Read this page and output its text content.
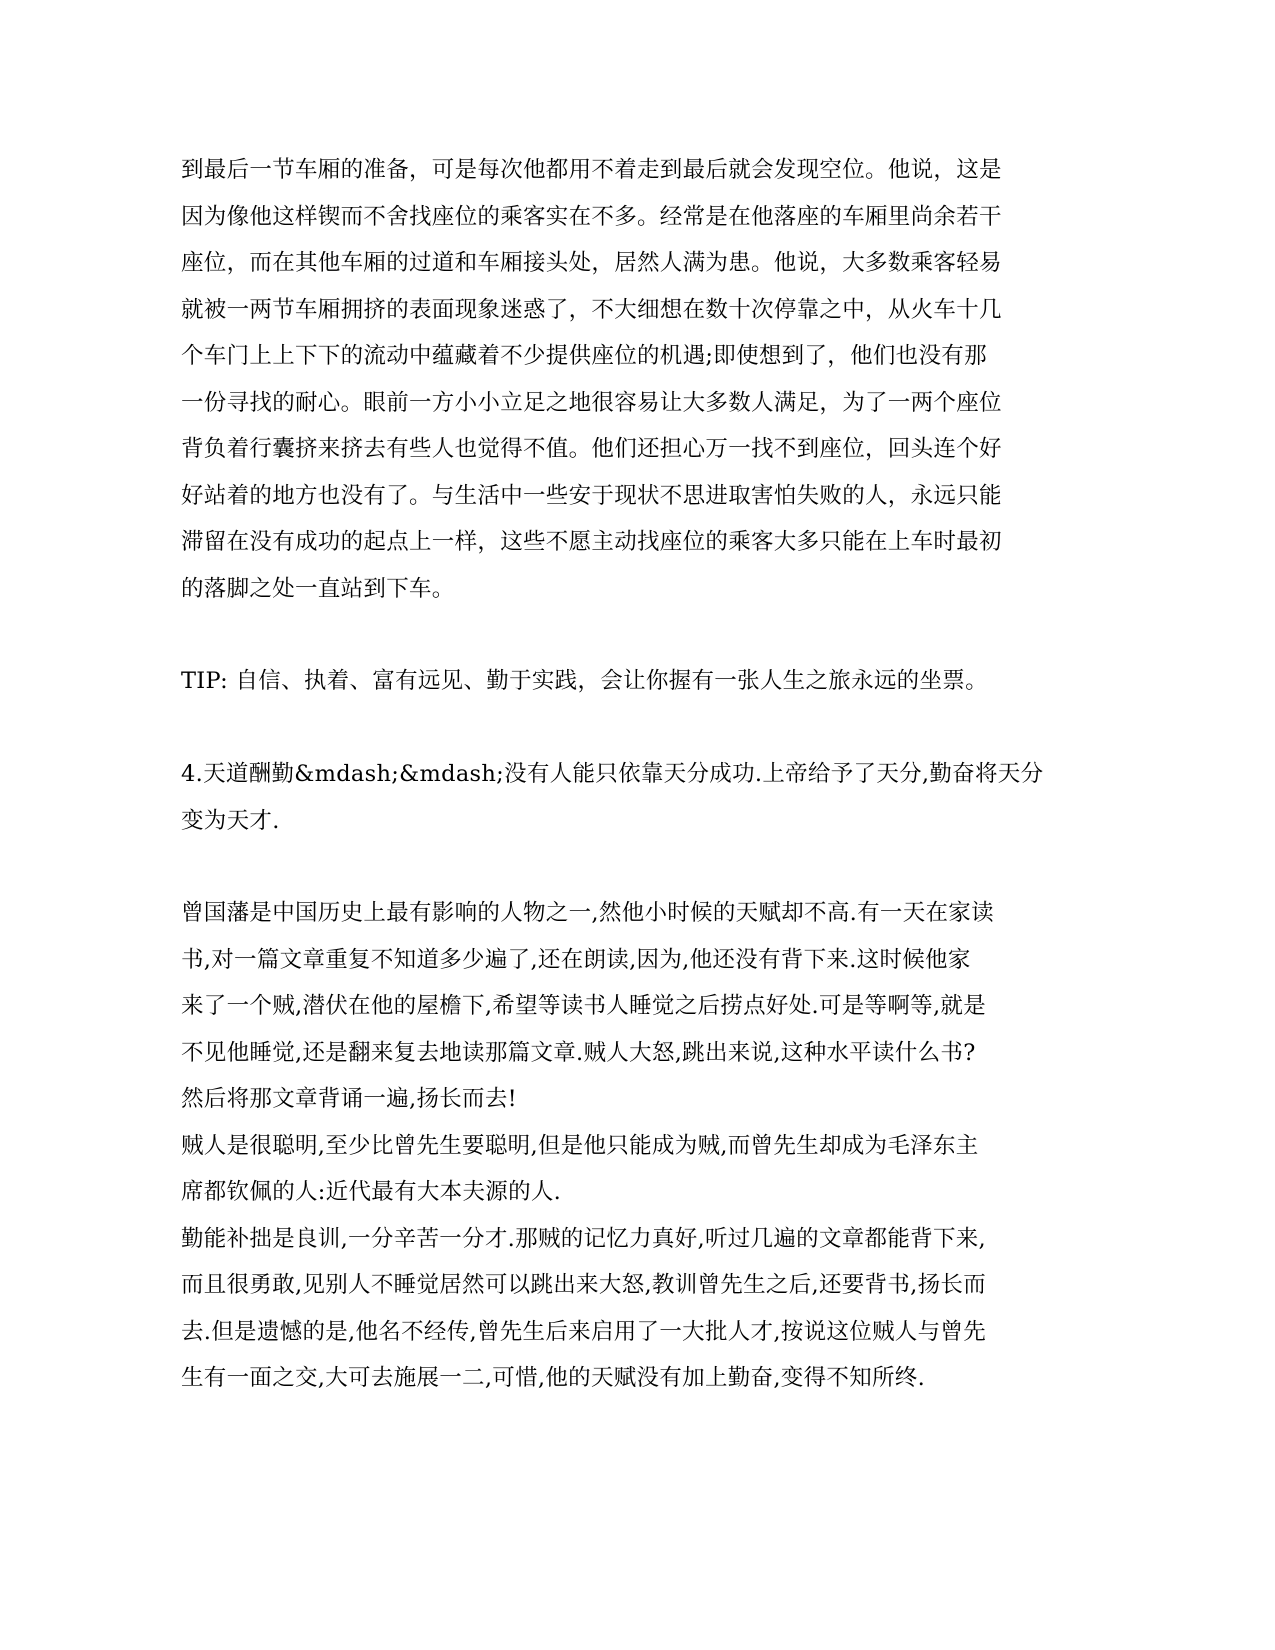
到最后一节车厢的准备，可是每次他都用不着走到最后就会发现空位。他说，这是
因为像他这样锲而不舍找座位的乘客实在不多。经常是在他落座的车厢里尚余若干
座位，而在其他车厢的过道和车厢接头处，居然人满为患。他说，大多数乘客轻易
就被一两节车厢拥挤的表面现象迷惑了，不大细想在数十次停靠之中，从火车十几
个车门上上下下的流动中蕴藏着不少提供座位的机遇;即使想到了，他们也没有那
一份寻找的耐心。眼前一方小小立足之地很容易让大多数人满足，为了一两个座位
背负着行囊挤来挤去有些人也觉得不值。他们还担心万一找不到座位，回头连个好
好站着的地方也没有了。与生活中一些安于现状不思进取害怕失败的人，永远只能
滞留在没有成功的起点上一样，这些不愿主动找座位的乘客大多只能在上车时最初
的落脚之处一直站到下车。
TIP: 自信、执着、富有远见、勤于实践，会让你握有一张人生之旅永远的坐票。
4.天道酬勤&mdash;&mdash;没有人能只依靠天分成功.上帝给予了天分,勤奋将天分
变为天才.
曾国藩是中国历史上最有影响的人物之一,然他小时候的天赋却不高.有一天在家读
书,对一篇文章重复不知道多少遍了,还在朗读,因为,他还没有背下来.这时候他家
来了一个贼,潜伏在他的屋檐下,希望等读书人睡觉之后捞点好处.可是等啊等,就是
不见他睡觉,还是翻来复去地读那篇文章.贼人大怒,跳出来说,这种水平读什么书?
然后将那文章背诵一遍,扬长而去!
贼人是很聪明,至少比曾先生要聪明,但是他只能成为贼,而曾先生却成为毛泽东主
席都钦佩的人:近代最有大本夫源的人.
勤能补拙是良训,一分辛苦一分才.那贼的记忆力真好,听过几遍的文章都能背下来,
而且很勇敢,见别人不睡觉居然可以跳出来大怒,教训曾先生之后,还要背书,扬长而
去.但是遗憾的是,他名不经传,曾先生后来启用了一大批人才,按说这位贼人与曾先
生有一面之交,大可去施展一二,可惜,他的天赋没有加上勤奋,变得不知所终.
